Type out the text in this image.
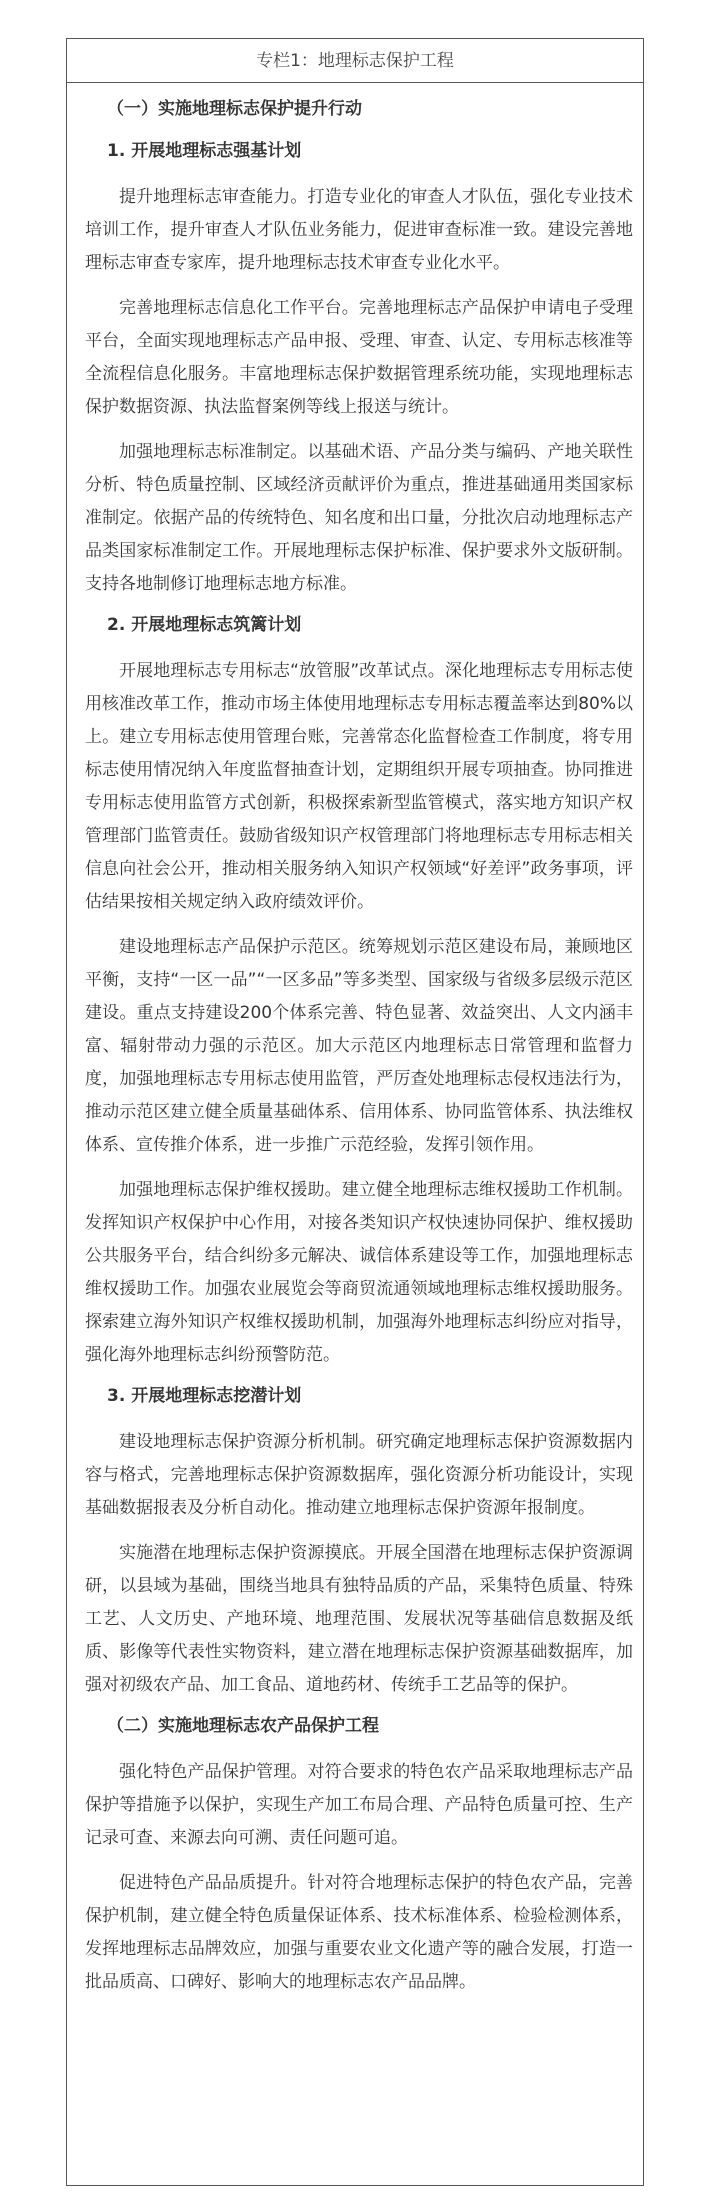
专栏1：地理标志保护工程
（一）实施地理标志保护提升行动
1. 开展地理标志强基计划
提升地理标志审查能力。打造专业化的审查人才队伍，强化专业技术培训工作，提升审查人才队伍业务能力，促进审查标准一致。建设完善地理标志审查专家库，提升地理标志技术审查专业化水平。
完善地理标志信息化工作平台。完善地理标志产品保护申请电子受理平台，全面实现地理标志产品申报、受理、审查、认定、专用标志核准等全流程信息化服务。丰富地理标志保护数据管理系统功能，实现地理标志保护数据资源、执法监督案例等线上报送与统计。
加强地理标志标准制定。以基础术语、产品分类与编码、产地关联性分析、特色质量控制、区域经济贡献评价为重点，推进基础通用类国家标准制定。依据产品的传统特色、知名度和出口量，分批次启动地理标志产品类国家标准制定工作。开展地理标志保护标准、保护要求外文版研制。支持各地制修订地理标志地方标准。
2. 开展地理标志筑篱计划
开展地理标志专用标志“放管服”改革试点。深化地理标志专用标志使用核准改革工作，推动市场主体使用地理标志专用标志覆盖率达到80%以上。建立专用标志使用管理台账，完善常态化监督检查工作制度，将专用标志使用情况纳入年度监督抽查计划，定期组织开展专项抽查。协同推进专用标志使用监管方式创新，积极探索新型监管模式，落实地方知识产权管理部门监管责任。鼓励省级知识产权管理部门将地理标志专用标志相关信息向社会公开，推动相关服务纳入知识产权领域“好差评”政务事项，评估结果按相关规定纳入政府绩效评价。
建设地理标志产品保护示范区。统筹规划示范区建设布局，兼顾地区平衡，支持“一区一品”“一区多品”等多类型、国家级与省级多层级示范区建设。重点支持建设200个体系完善、特色显著、效益突出、人文内涵丰富、辐射带动力强的示范区。加大示范区内地理标志日常管理和监督力度，加强地理标志专用标志使用监管，严厉查处地理标志侵权违法行为，推动示范区建立健全质量基础体系、信用体系、协同监管体系、执法维权体系、宣传推介体系，进一步推广示范经验，发挥引领作用。
加强地理标志保护维权援助。建立健全地理标志维权援助工作机制。发挥知识产权保护中心作用，对接各类知识产权快速协同保护、维权援助公共服务平台，结合纠纷多元解决、诚信体系建设等工作，加强地理标志维权援助工作。加强农业展览会等商贸流通领域地理标志维权援助服务。探索建立海外知识产权维权援助机制，加强海外地理标志纠纷应对指导，强化海外地理标志纠纷预警防范。
3. 开展地理标志挖潜计划
建设地理标志保护资源分析机制。研究确定地理标志保护资源数据内容与格式，完善地理标志保护资源数据库，强化资源分析功能设计，实现基础数据报表及分析自动化。推动建立地理标志保护资源年报制度。
实施潜在地理标志保护资源摸底。开展全国潜在地理标志保护资源调研，以县域为基础，围绕当地具有独特品质的产品，采集特色质量、特殊工艺、人文历史、产地环境、地理范围、发展状况等基础信息数据及纸质、影像等代表性实物资料，建立潜在地理标志保护资源基础数据库，加强对初级农产品、加工食品、道地药材、传统手工艺品等的保护。
（二）实施地理标志农产品保护工程
强化特色产品保护管理。对符合要求的特色农产品采取地理标志产品保护等措施予以保护，实现生产加工布局合理、产品特色质量可控、生产记录可查、来源去向可溯、责任问题可追。
促进特色产品品质提升。针对符合地理标志保护的特色农产品，完善保护机制，建立健全特色质量保证体系、技术标准体系、检验检测体系，发挥地理标志品牌效应，加强与重要农业文化遗产等的融合发展，打造一批品质高、口碑好、影响大的地理标志农产品品牌。
